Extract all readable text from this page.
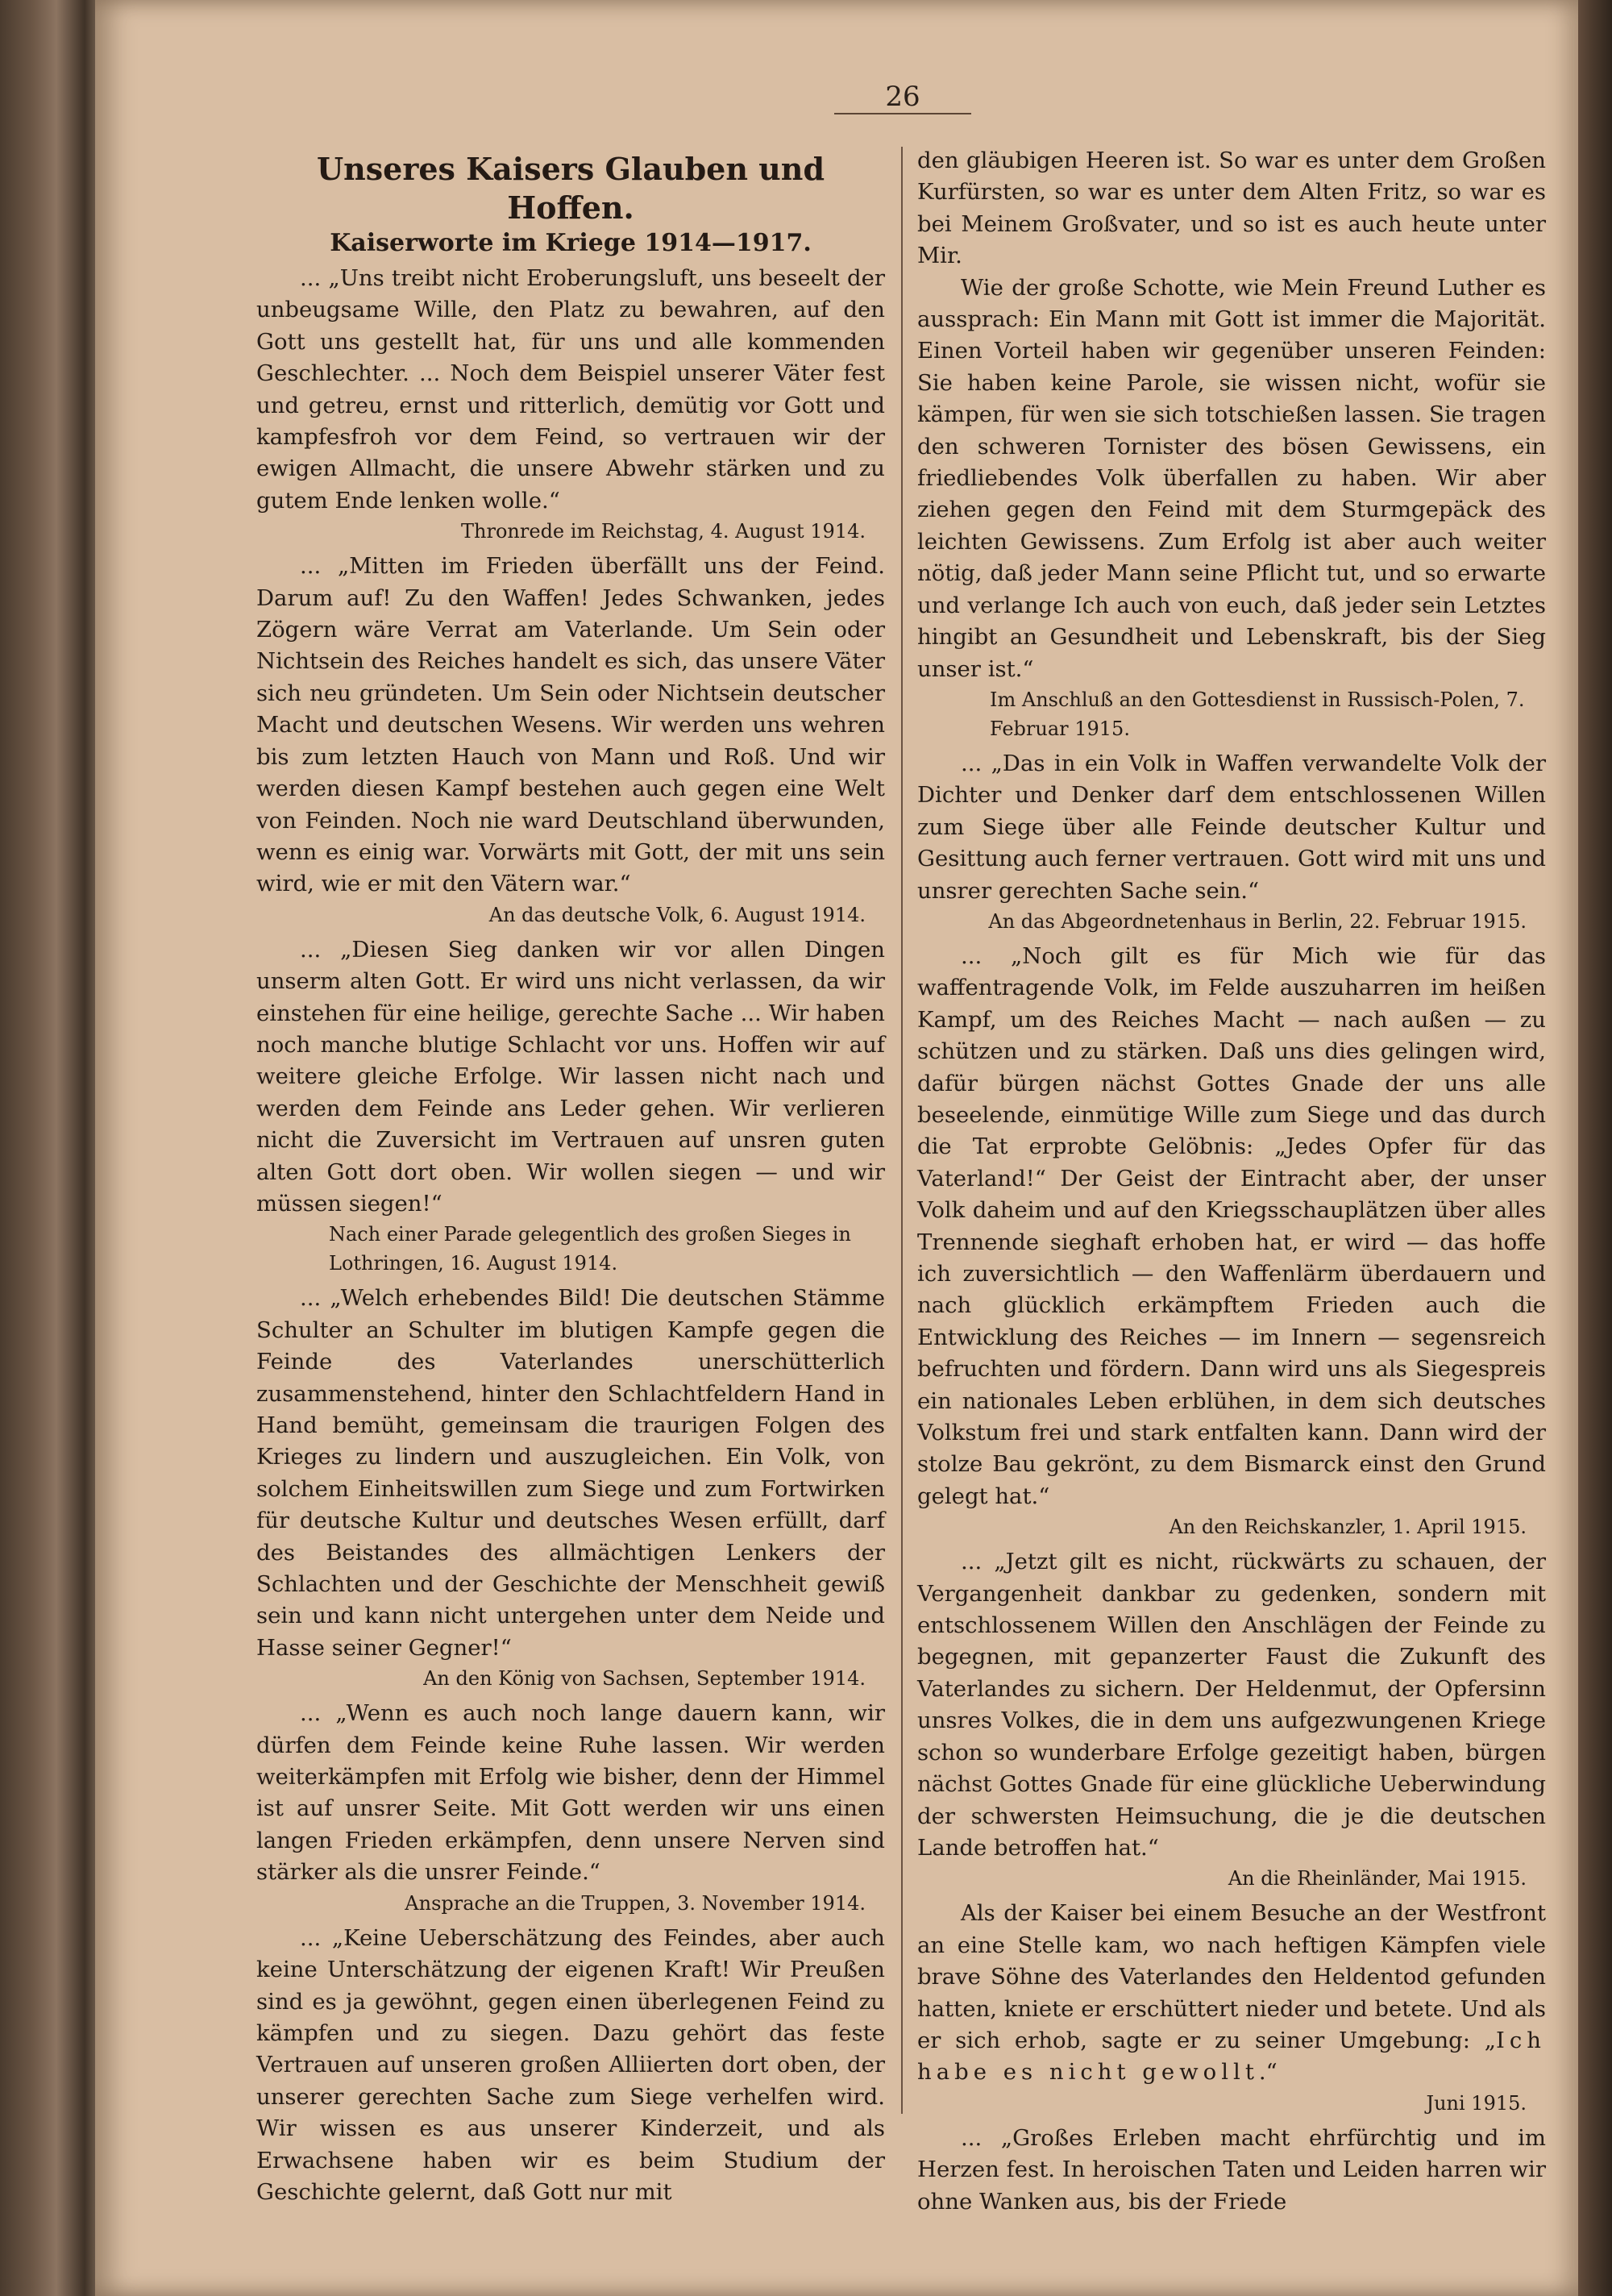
26
Unseres Kaisers Glauben und Hoffen.
Kaiserworte im Kriege 1914—1917.

... „Uns treibt nicht Eroberungsluft, uns beseelt der unbeugsame Wille, den Platz zu bewahren, auf den Gott uns gestellt hat, für uns und alle kommenden Geschlechter. ... Noch dem Beispiel unserer Väter fest und getreu, ernst und ritterlich, demütig vor Gott und kampfesfroh vor dem Feind, so vertrauen wir der ewigen Allmacht, die unsere Abwehr stärken und zu gutem Ende lenken wolle.“

Thronrede im Reichstag, 4. August 1914.

... „Mitten im Frieden überfällt uns der Feind. Darum auf! Zu den Waffen! Jedes Schwanken, jedes Zögern wäre Verrat am Vaterlande. Um Sein oder Nichtsein des Reiches handelt es sich, das unsere Väter sich neu gründeten. Um Sein oder Nichtsein deutscher Macht und deutschen Wesens. Wir werden uns wehren bis zum letzten Hauch von Mann und Roß. Und wir werden diesen Kampf bestehen auch gegen eine Welt von Feinden. Noch nie ward Deutschland überwunden, wenn es einig war. Vorwärts mit Gott, der mit uns sein wird, wie er mit den Vätern war.“

An das deutsche Volk, 6. August 1914.

... „Diesen Sieg danken wir vor allen Dingen unserm alten Gott. Er wird uns nicht verlassen, da wir einstehen für eine heilige, gerechte Sache ... Wir haben noch manche blutige Schlacht vor uns. Hoffen wir auf weitere gleiche Erfolge. Wir lassen nicht nach und werden dem Feinde ans Leder gehen. Wir verlieren nicht die Zuversicht im Vertrauen auf unsren guten alten Gott dort oben. Wir wollen siegen — und wir müssen siegen!“

Nach einer Parade gelegentlich des großen Sieges in Lothringen, 16. August 1914.

... „Welch erhebendes Bild! Die deutschen Stämme Schulter an Schulter im blutigen Kampfe gegen die Feinde des Vaterlandes unerschütterlich zusammenstehend, hinter den Schlachtfeldern Hand in Hand bemüht, gemeinsam die traurigen Folgen des Krieges zu lindern und auszugleichen. Ein Volk, von solchem Einheitswillen zum Siege und zum Fortwirken für deutsche Kultur und deutsches Wesen erfüllt, darf des Beistandes des allmächtigen Lenkers der Schlachten und der Geschichte der Menschheit gewiß sein und kann nicht untergehen unter dem Neide und Hasse seiner Gegner!“

An den König von Sachsen, September 1914.

... „Wenn es auch noch lange dauern kann, wir dürfen dem Feinde keine Ruhe lassen. Wir werden weiterkämpfen mit Erfolg wie bisher, denn der Himmel ist auf unsrer Seite. Mit Gott werden wir uns einen langen Frieden erkämpfen, denn unsere Nerven sind stärker als die unsrer Feinde.“

Ansprache an die Truppen, 3. November 1914.

... „Keine Ueberschätzung des Feindes, aber auch keine Unterschätzung der eigenen Kraft! Wir Preußen sind es ja gewöhnt, gegen einen überlegenen Feind zu kämpfen und zu siegen. Dazu gehört das feste Vertrauen auf unseren großen Alliierten dort oben, der unserer gerechten Sache zum Siege verhelfen wird. Wir wissen es aus unserer Kinderzeit, und als Erwachsene haben wir es beim Studium der Geschichte gelernt, daß Gott nur mit

den gläubigen Heeren ist. So war es unter dem Großen Kurfürsten, so war es unter dem Alten Fritz, so war es bei Meinem Großvater, und so ist es auch heute unter Mir.

Wie der große Schotte, wie Mein Freund Luther es aussprach: Ein Mann mit Gott ist immer die Majorität. Einen Vorteil haben wir gegenüber unseren Feinden: Sie haben keine Parole, sie wissen nicht, wofür sie kämpen, für wen sie sich totschießen lassen. Sie tragen den schweren Tornister des bösen Gewissens, ein friedliebendes Volk überfallen zu haben. Wir aber ziehen gegen den Feind mit dem Sturmgepäck des leichten Gewissens. Zum Erfolg ist aber auch weiter nötig, daß jeder Mann seine Pflicht tut, und so erwarte und verlange Ich auch von euch, daß jeder sein Letztes hingibt an Gesundheit und Lebenskraft, bis der Sieg unser ist.“

Im Anschluß an den Gottesdienst in Russisch-Polen, 7. Februar 1915.

... „Das in ein Volk in Waffen verwandelte Volk der Dichter und Denker darf dem entschlossenen Willen zum Siege über alle Feinde deutscher Kultur und Gesittung auch ferner vertrauen. Gott wird mit uns und unsrer gerechten Sache sein.“

An das Abgeordnetenhaus in Berlin, 22. Februar 1915.

... „Noch gilt es für Mich wie für das waffentragende Volk, im Felde auszuharren im heißen Kampf, um des Reiches Macht — nach außen — zu schützen und zu stärken. Daß uns dies gelingen wird, dafür bürgen nächst Gottes Gnade der uns alle beseelende, einmütige Wille zum Siege und das durch die Tat erprobte Gelöbnis: „Jedes Opfer für das Vaterland!“ Der Geist der Eintracht aber, der unser Volk daheim und auf den Kriegsschauplätzen über alles Trennende sieghaft erhoben hat, er wird — das hoffe ich zuversichtlich — den Waffenlärm überdauern und nach glücklich erkämpftem Frieden auch die Entwicklung des Reiches — im Innern — segensreich befruchten und fördern. Dann wird uns als Siegespreis ein nationales Leben erblühen, in dem sich deutsches Volkstum frei und stark entfalten kann. Dann wird der stolze Bau gekrönt, zu dem Bismarck einst den Grund gelegt hat.“

An den Reichskanzler, 1. April 1915.

... „Jetzt gilt es nicht, rückwärts zu schauen, der Vergangenheit dankbar zu gedenken, sondern mit entschlossenem Willen den Anschlägen der Feinde zu begegnen, mit gepanzerter Faust die Zukunft des Vaterlandes zu sichern. Der Heldenmut, der Opfersinn unsres Volkes, die in dem uns aufgezwungenen Kriege schon so wunderbare Erfolge gezeitigt haben, bürgen nächst Gottes Gnade für eine glückliche Ueberwindung der schwersten Heimsuchung, die je die deutschen Lande betroffen hat.“

An die Rheinländer, Mai 1915.

Als der Kaiser bei einem Besuche an der Westfront an eine Stelle kam, wo nach heftigen Kämpfen viele brave Söhne des Vaterlandes den Heldentod gefunden hatten, kniete er erschüttert nieder und betete. Und als er sich erhob, sagte er zu seiner Umgebung: „Ich habe es nicht gewollt.“

Juni 1915.

... „Großes Erleben macht ehrfürchtig und im Herzen fest. In heroischen Taten und Leiden harren wir ohne Wanken aus, bis der Friede
